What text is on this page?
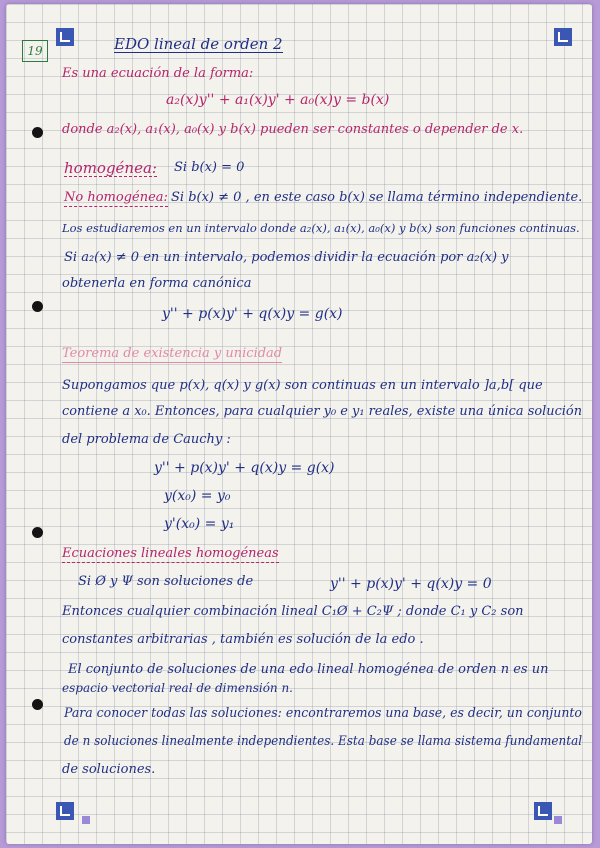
19	EDO lineal de orden 2
Es una ecuación de la forma:
a₂(x)y'' + a₁(x)y' + a₀(x)y = b(x)
donde a₂(x), a₁(x), a₀(x) y b(x) pueden ser constantes o depender de x.
homogénea: Si b(x) = 0
No homogénea: Si b(x) ≠ 0 , en este caso b(x) se llama término independiente.
Los estudiaremos en un intervalo donde a₂(x), a₁(x), a₀(x) y b(x) son funciones continuas.
Si a₂(x) ≠ 0 en un intervalo, podemos dividir la ecuación por a₂(x) y
obtenerla en forma canónica
y'' + p(x)y' + q(x)y = g(x)
Teorema de existencia y unicidad
Supongamos que p(x), q(x) y g(x) son continuas en un intervalo ]a,b[ que
contiene a x₀. Entonces, para cualquier y₀ e y₁ reales, existe una única solución
del problema de Cauchy :
y'' + p(x)y' + q(x)y = g(x)
y(x₀) = y₀
y'(x₀) = y₁
Ecuaciones lineales homogéneas
Si Ø y Ψ son soluciones de	y'' + p(x)y' + q(x)y = 0
Entonces cualquier combinación lineal C₁Ø + C₂Ψ ; donde C₁ y C₂ son
constantes arbitrarias , también es solución de la edo .
El conjunto de soluciones de una edo lineal homogénea de orden n es un
espacio vectorial real de dimensión n.
Para conocer todas las soluciones: encontraremos una base, es decir, un conjunto
de n soluciones linealmente independientes. Esta base se llama sistema fundamental
de soluciones.
